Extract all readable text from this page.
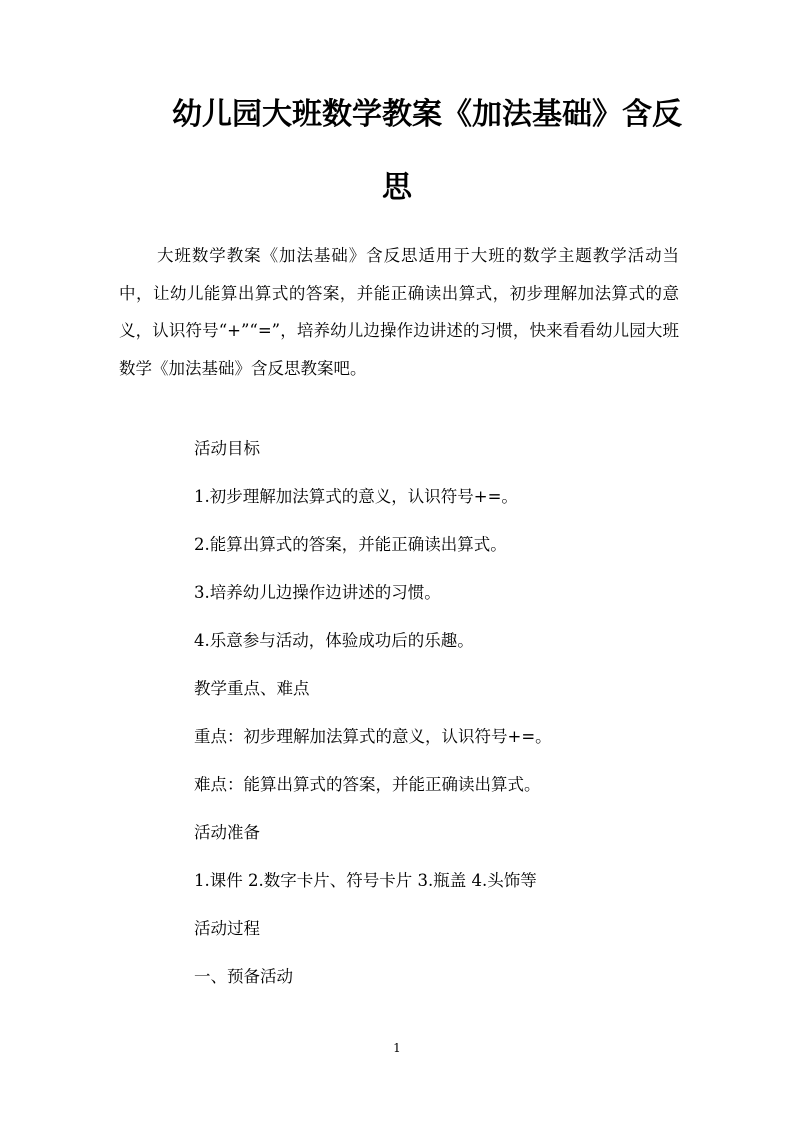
幼儿园大班数学教案《加法基础》含反
思

大班数学教案《加法基础》含反思适用于大班的数学主题教学活动当中，让幼儿能算出算式的答案，并能正确读出算式，初步理解加法算式的意义，认识符号“+”“=”，培养幼儿边操作边讲述的习惯，快来看看幼儿园大班数学《加法基础》含反思教案吧。

活动目标

1.初步理解加法算式的意义，认识符号+=。

2.能算出算式的答案，并能正确读出算式。

3.培养幼儿边操作边讲述的习惯。

4.乐意参与活动，体验成功后的乐趣。

教学重点、难点

重点：初步理解加法算式的意义，认识符号+=。

难点：能算出算式的答案，并能正确读出算式。

活动准备

1.课件 2.数字卡片、符号卡片 3.瓶盖 4.头饰等

活动过程

一、预备活动

1
